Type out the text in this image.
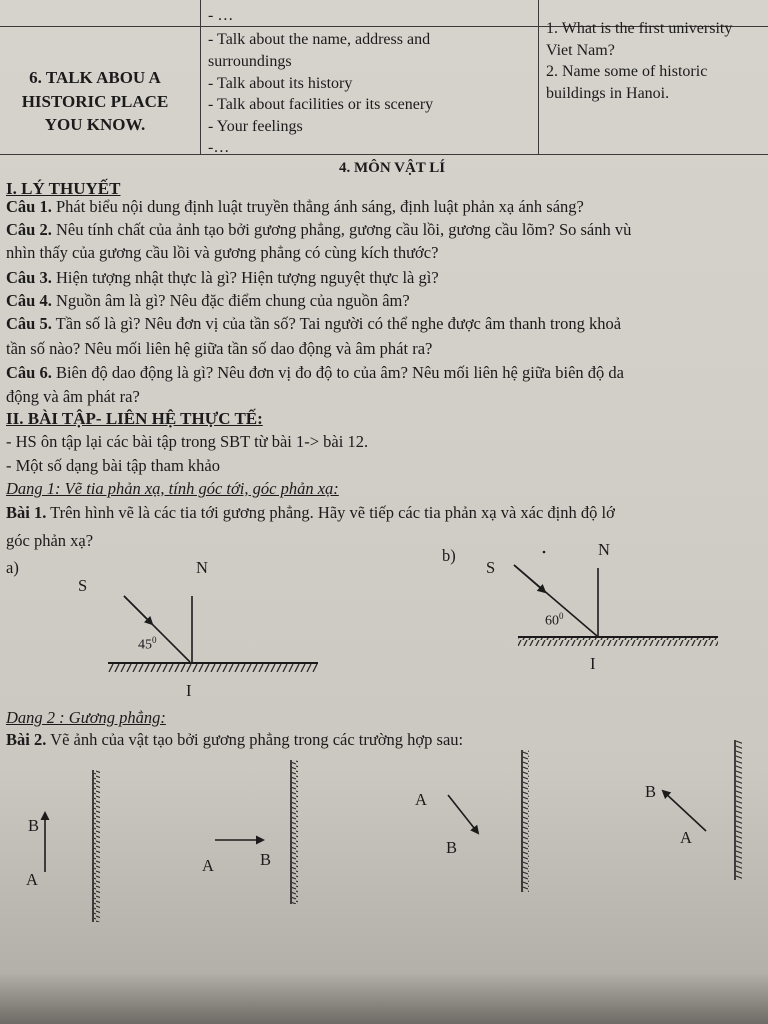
- …
6. TALK ABOU A
HISTORIC PLACE
YOU KNOW.
- Talk about the name, address and
surroundings
- Talk about its history
- Talk about facilities or its scenery
- Your feelings
-…
1. What is the first university
Viet Nam?
2. Name some of historic
buildings in Hanoi.
4. MÔN VẬT LÍ
I. LÝ THUYẾT
Câu 1. Phát biểu nội dung định luật truyền thẳng ánh sáng, định luật phản xạ ánh sáng?
Câu 2. Nêu tính chất của ảnh tạo bởi gương phẳng, gương cầu lồi, gương cầu lõm? So sánh vù
nhìn thấy của gương cầu lồi và gương phẳng có cùng kích thước?
Câu 3. Hiện tượng nhật thực là gì? Hiện tượng nguyệt thực là gì?
Câu 4. Nguồn âm là gì? Nêu đặc điểm chung của nguồn âm?
Câu 5. Tần số là gì? Nêu đơn vị của tần số? Tai người có thể nghe được âm thanh trong khoả
tần số nào? Nêu mối liên hệ giữa tần số dao động và âm phát ra?
Câu 6. Biên độ dao động là gì? Nêu đơn vị đo độ to của âm? Nêu mối liên hệ giữa biên độ da
động và âm phát ra?
II. BÀI TẬP- LIÊN HỆ THỰC TẾ:
- HS ôn tập lại các bài tập trong SBT từ bài 1-> bài 12.
- Một số dạng bài tập tham khảo
Dang 1: Vẽ tia phản xạ, tính góc tới, góc phản xạ:
Bài 1. Trên hình vẽ là các tia tới gương phẳng. Hãy vẽ tiếp các tia phản xạ và xác định độ lớ
góc phản xạ?
a)
S
N
$45^0$
I
b)
S
N
$60^0$
I
Dang 2 : Gương phẳng:
Bài 2. Vẽ ảnh của vật tạo bởi gương phẳng trong các trường hợp sau:
B
A
A	B
A
B
B
A
